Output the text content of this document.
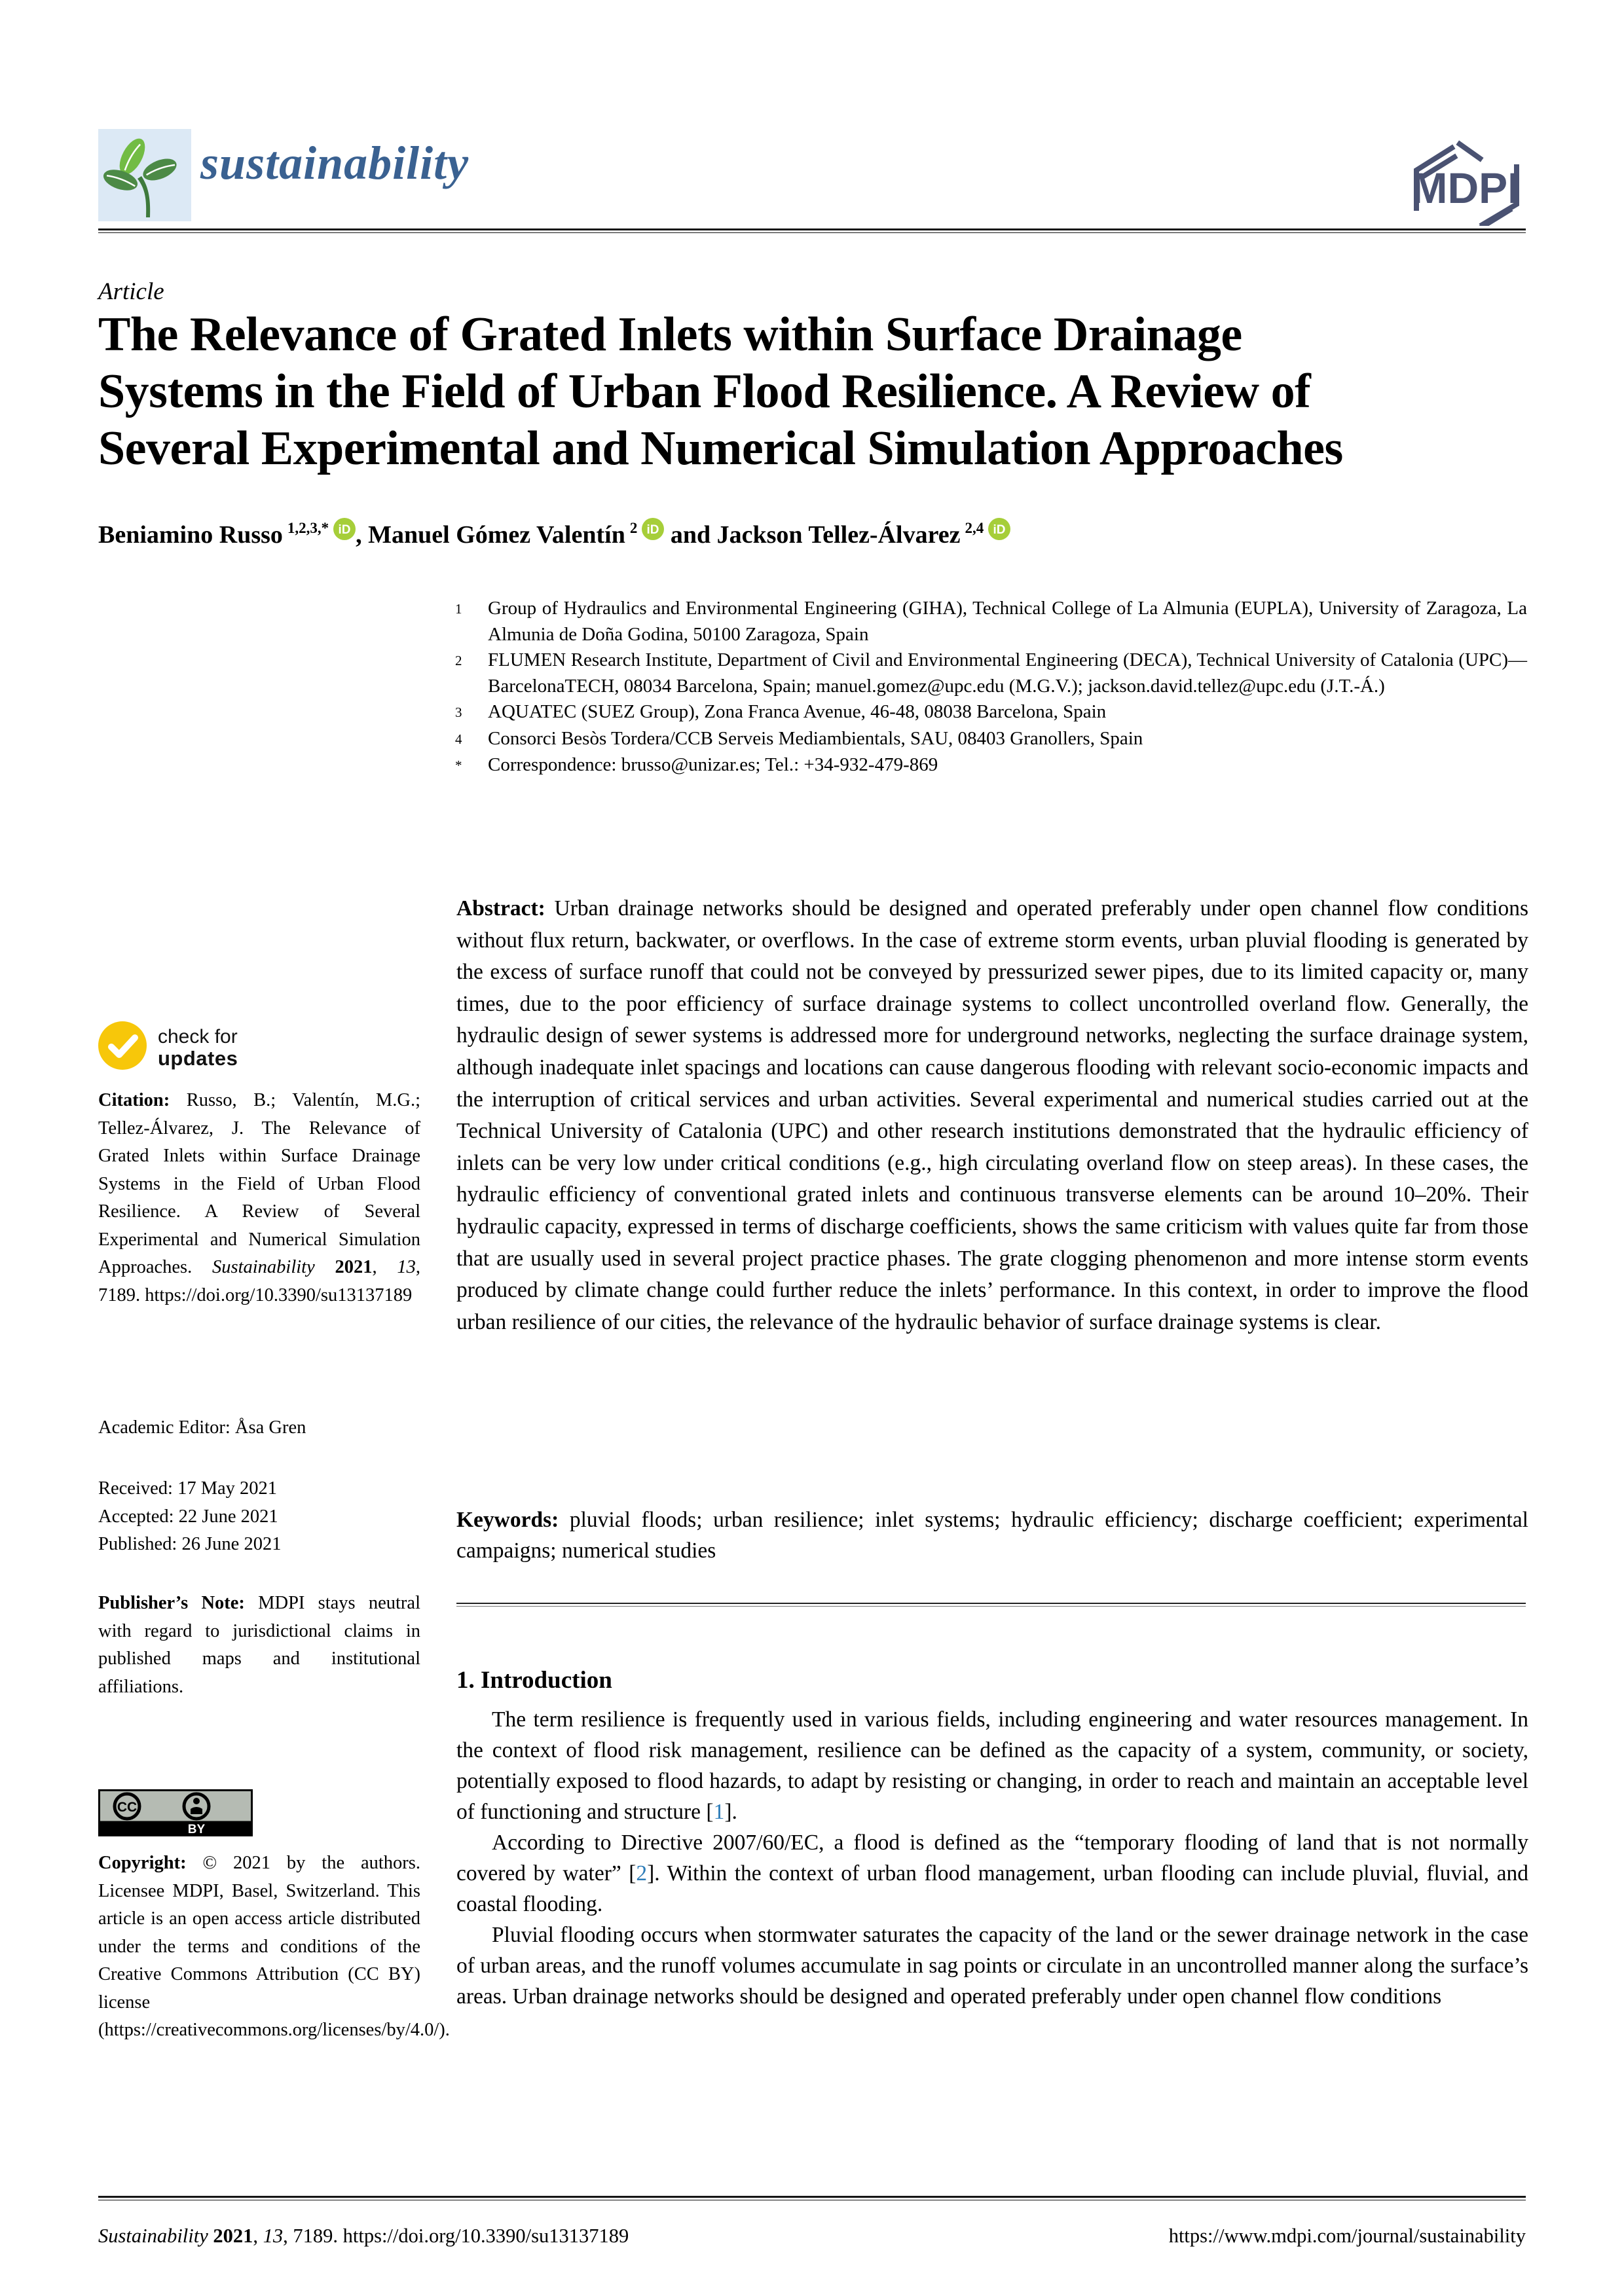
sustainability	MDPI
Article
The Relevance of Grated Inlets within Surface Drainage
Systems in the Field of Urban Flood Resilience. A Review of
Several Experimental and Numerical Simulation Approaches
Beniamino Russo $^{1,2,3,*}$ iD , Manuel Gómez Valentín $^2$ iD and Jackson Tellez-Álvarez $^{2,4}$ iD
1	Group of Hydraulics and Environmental Engineering (GIHA), Technical College of La Almunia (EUPLA), University of Zaragoza, La Almunia de Doña Godina, 50100 Zaragoza, Spain
2	FLUMEN Research Institute, Department of Civil and Environmental Engineering (DECA), Technical University of Catalonia (UPC)—BarcelonaTECH, 08034 Barcelona, Spain; manuel.gomez@upc.edu (M.G.V.); jackson.david.tellez@upc.edu (J.T.-Á.)
3	AQUATEC (SUEZ Group), Zona Franca Avenue, 46-48, 08038 Barcelona, Spain
4	Consorci Besòs Tordera/CCB Serveis Mediambientals, SAU, 08403 Granollers, Spain
*	Correspondence: brusso@unizar.es; Tel.: +34-932-479-869
Abstract: Urban drainage networks should be designed and operated preferably under open channel flow conditions without flux return, backwater, or overflows. In the case of extreme storm events, urban pluvial flooding is generated by the excess of surface runoff that could not be conveyed by pressurized sewer pipes, due to its limited capacity or, many times, due to the poor efficiency of surface drainage systems to collect uncontrolled overland flow. Generally, the hydraulic design of sewer systems is addressed more for underground networks, neglecting the surface drainage system, although inadequate inlet spacings and locations can cause dangerous flooding with relevant socio-economic impacts and the interruption of critical services and urban activities. Several experimental and numerical studies carried out at the Technical University of Catalonia (UPC) and other research institutions demonstrated that the hydraulic efficiency of inlets can be very low under critical conditions (e.g., high circulating overland flow on steep areas). In these cases, the hydraulic efficiency of conventional grated inlets and continuous transverse elements can be around 10–20%. Their hydraulic capacity, expressed in terms of discharge coefficients, shows the same criticism with values quite far from those that are usually used in several project practice phases. The grate clogging phenomenon and more intense storm events produced by climate change could further reduce the inlets’ performance. In this context, in order to improve the flood urban resilience of our cities, the relevance of the hydraulic behavior of surface drainage systems is clear.
Keywords: pluvial floods; urban resilience; inlet systems; hydraulic efficiency; discharge coefficient; experimental campaigns; numerical studies
1. Introduction

The term resilience is frequently used in various fields, including engineering and water resources management. In the context of flood risk management, resilience can be defined as the capacity of a system, community, or society, potentially exposed to flood hazards, to adapt by resisting or changing, in order to reach and maintain an acceptable level of functioning and structure [1].

According to Directive 2007/60/EC, a flood is defined as the “temporary flooding of land that is not normally covered by water” [2]. Within the context of urban flood management, urban flooding can include pluvial, fluvial, and coastal flooding.

Pluvial flooding occurs when stormwater saturates the capacity of the land or the sewer drainage network in the case of urban areas, and the runoff volumes accumulate in sag points or circulate in an uncontrolled manner along the surface’s areas. Urban drainage networks should be designed and operated preferably under open channel flow conditions

check for
updates
Citation: Russo, B.; Valentín, M.G.; Tellez-Álvarez, J. The Relevance of Grated Inlets within Surface Drainage Systems in the Field of Urban Flood Resilience. A Review of Several Experimental and Numerical Simulation Approaches. Sustainability 2021, 13, 7189. https://doi.org/10.3390/su13137189
Academic Editor: Åsa Gren
Received: 17 May 2021
Accepted: 22 June 2021
Published: 26 June 2021
Publisher’s Note: MDPI stays neutral with regard to jurisdictional claims in published maps and institutional affiliations.
CC
BY
Copyright: © 2021 by the authors. Licensee MDPI, Basel, Switzerland. This article is an open access article distributed under the terms and conditions of the Creative Commons Attribution (CC BY) license (https://creativecommons.org/licenses/by/4.0/).
Sustainability 2021, 13, 7189. https://doi.org/10.3390/su13137189	https://www.mdpi.com/journal/sustainability
